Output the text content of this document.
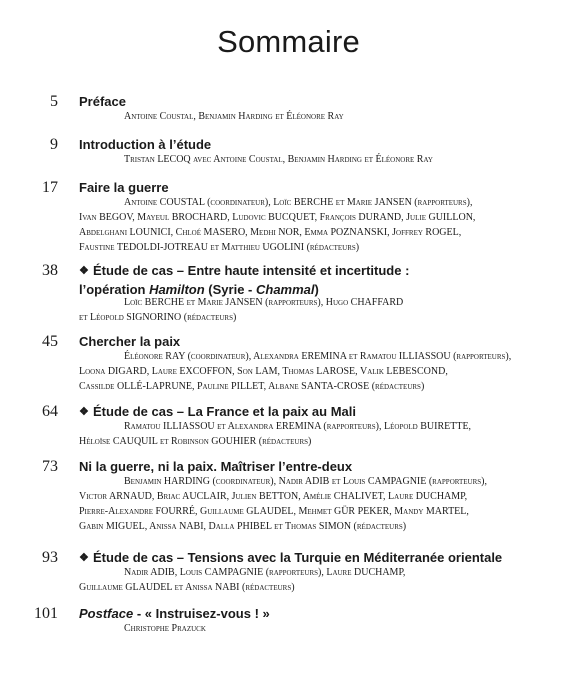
Sommaire
5 Préface
Antoine Coustal, Benjamin Harding et Éléonore Ray
9 Introduction à l’étude
Tristan LECOQ avec Antoine Coustal, Benjamin Harding et Éléonore Ray
17 Faire la guerre
Antoine COUSTAL (coordinateur), Loïc BERCHE et Marie JANSEN (rapporteurs),
Ivan BEGOV, Mayeul BROCHARD, Ludovic BUCQUET, François DURAND, Julie GUILLON,
Abdelghani LOUNICI, Chloé MASERO, Medhi NOR, Emma POZNANSKI, Joffrey ROGEL,
Faustine TEDOLDI-JOTREAU et Matthieu UGOLINI (rédacteurs)
38 ❖ Étude de cas – Entre haute intensité et incertitude :
l’opération Hamilton (Syrie - Chammal)
Loïc BERCHE et Marie JANSEN (rapporteurs), Hugo CHAFFARD
et Léopold SIGNORINO (rédacteurs)
45 Chercher la paix
Éléonore RAY (coordinateur), Alexandra EREMINA et Ramatou ILLIASSOU (rapporteurs),
Loona DIGARD, Laure EXCOFFON, Son LAM, Thomas LAROSE, Valik LEBESCOND,
Cassilde OLLÉ-LAPRUNE, Pauline PILLET, Albane SANTA-CROSE (rédacteurs)
64 ❖ Étude de cas – La France et la paix au Mali
Ramatou ILLIASSOU et Alexandra EREMINA (rapporteurs), Léopold BUIRETTE,
Héloïse CAUQUIL et Robinson GOUHIER (rédacteurs)
73 Ni la guerre, ni la paix. Maîtriser l’entre-deux
Benjamin HARDING (coordinateur), Nadir ADIB et Louis CAMPAGNIE (rapporteurs),
Victor ARNAUD, Briac AUCLAIR, Julien BETTON, Amélie CHALIVET, Laure DUCHAMP,
Pierre-Alexandre FOURRÉ, Guillaume GLAUDEL, Mehmet GÜR PEKER, Mandy MARTEL,
Gabin MIGUEL, Anissa NABI, Dalla PHIBEL et Thomas SIMON (rédacteurs)
93 ❖ Étude de cas – Tensions avec la Turquie en Méditerranée orientale
Nadir ADIB, Louis CAMPAGNIE (rapporteurs), Laure DUCHAMP,
Guillaume GLAUDEL et Anissa NABI (rédacteurs)
101 Postface - « Instruisez-vous ! »
Christophe Prazuck
